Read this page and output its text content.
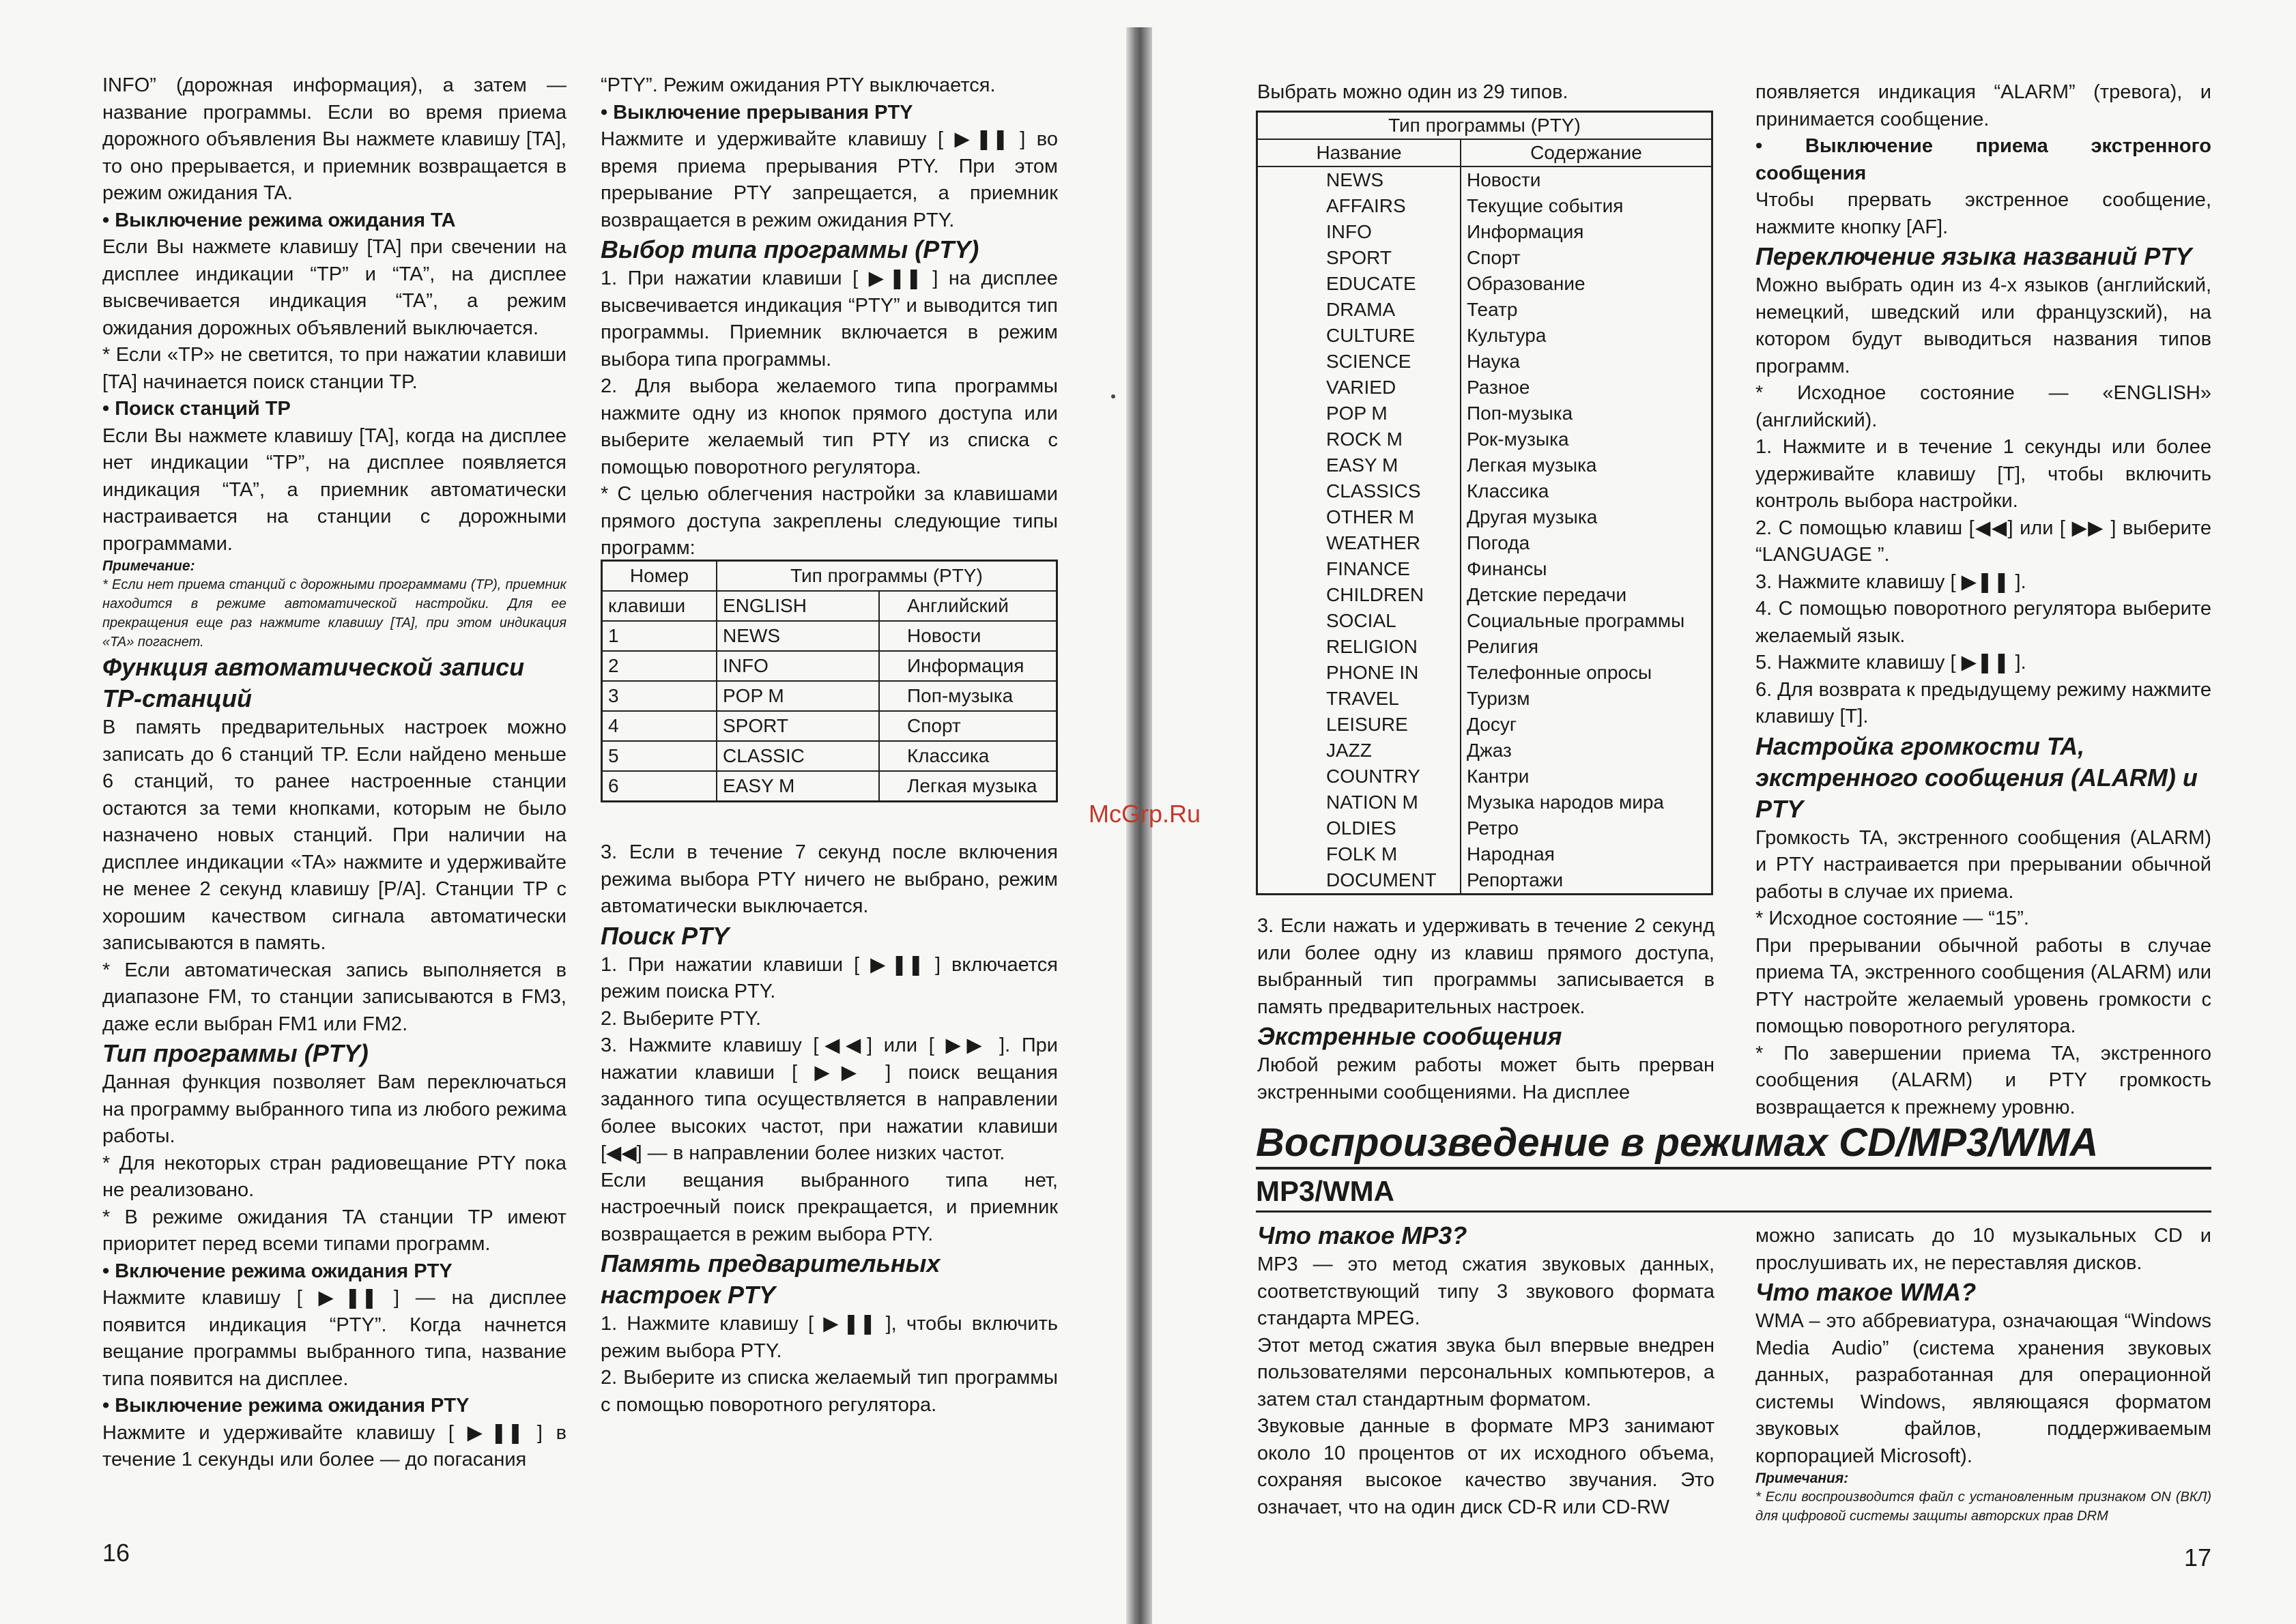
INFO” (дорожная информация), а затем — название программы. Если во время приема дорожного объявления Вы нажмете клавишу [TA], то оно прерывается, и приемник возвращается в режим ожидания TA.

• Выключение режима ожидания TA

Если Вы нажмете клавишу [TA] при свечении на дисплее индикации “TP” и “TA”, на дисплее высвечивается индикация “TA”, а режим ожидания дорожных объявлений выключается.

* Если «TP» не светится, то при нажатии клавиши [TA] начинается поиск станции TP.

• Поиск станций TP

Если Вы нажмете клавишу [TA], когда на дисплее нет индикации “TP”, на дисплее появляется индикация “TA”, а приемник автоматически настраивается на станции с дорожными программами.

Примечание:

* Если нет приема станций с дорожными программами (TP), приемник находится в режиме автоматической настройки. Для ее прекращения еще раз нажмите клавишу [TA], при этом индикация «TA» погаснет.

Функция автоматической записи TP-станций

В память предварительных настроек можно записать до 6 станций TP. Если найдено меньше 6 станций, то ранее настроенные станции остаются за теми кнопками, которым не было назначено новых станций. При наличии на дисплее индикации «TA» нажмите и удерживайте не менее 2 секунд клавишу [P/A]. Станции TP с хорошим качеством сигнала автоматически записываются в память.

* Если автоматическая запись выполняется в диапазоне FM, то станции записываются в FM3, даже если выбран FM1 или FM2.

Тип программы (PTY)

Данная функция позволяет Вам переключаться на программу выбранного типа из любого режима работы.

* Для некоторых стран радиовещание PTY пока не реализовано.

* В режиме ожидания TA станции TP имеют приоритет перед всеми типами программ.

• Включение режима ожидания PTY

Нажмите клавишу [ ▶❚❚ ] — на дисплее появится индикация “PTY”. Когда начнется вещание программы выбранного типа, название типа появится на дисплее.

• Выключение режима ожидания PTY

Нажмите и удерживайте клавишу [ ▶❚❚ ] в течение 1 секунды или более — до погасания

“PTY”. Режим ожидания PTY выключается.

• Выключение прерывания PTY

Нажмите и удерживайте клавишу [ ▶❚❚ ] во время приема прерывания PTY. При этом прерывание PTY запрещается, а приемник возвращается в режим ожидания PTY.

Выбор типа программы (PTY)

1. При нажатии клавиши [ ▶❚❚ ] на дисплее высвечивается индикация “PTY” и выводится тип программы. Приемник включается в режим выбора типа программы.

2. Для выбора желаемого типа программы нажмите одну из кнопок прямого доступа или выберите желаемый тип PTY из списка с помощью поворотного регулятора.

* С целью облегчения настройки за клавишами прямого доступа закреплены следующие типы программ:

Номер	Тип программы (PTY)	
клавиши	ENGLISH	Английский
1	NEWS	Новости
2	INFO	Информация
3	POP M	Поп-музыка
4	SPORT	Спорт
5	CLASSIC	Классика
6	EASY M	Легкая музыка

3. Если в течение 7 секунд после включения режима выбора PTY ничего не выбрано, режим автоматически выключается.

Поиск PTY

1. При нажатии клавиши [ ▶❚❚ ] включается режим поиска PTY.

2. Выберите PTY.

3. Нажмите клавишу [◀◀] или [ ▶▶ ]. При нажатии клавиши [ ▶▶ ] поиск вещания заданного типа осуществляется в направлении более высоких частот, при нажатии клавиши [◀◀] — в направлении более низких частот.

Если вещания выбранного типа нет, настроечный поиск прекращается, и приемник возвращается в режим выбора PTY.

Память предварительных настроек PTY

1. Нажмите клавишу [ ▶❚❚ ], чтобы включить режим выбора PTY.

2. Выберите из списка желаемый тип программы с помощью поворотного регулятора.

16
McGrp.Ru
Выбрать можно один из 29 типов.
Тип программы (PTY)	
Название	Содержание
NEWS	Новости
AFFAIRS	Текущие события
INFO	Информация
SPORT	Спорт
EDUCATE	Образование
DRAMA	Театр
CULTURE	Культура
SCIENCE	Наука
VARIED	Разное
POP M	Поп-музыка
ROCK M	Рок-музыка
EASY M	Легкая музыка
CLASSICS	Классика
OTHER M	Другая музыка
WEATHER	Погода
FINANCE	Финансы
CHILDREN	Детские передачи
SOCIAL	Социальные программы
RELIGION	Религия
PHONE IN	Телефонные опросы
TRAVEL	Туризм
LEISURE	Досуг
JAZZ	Джаз
COUNTRY	Кантри
NATION M	Музыка народов мира
OLDIES	Ретро
FOLK M	Народная
DOCUMENT	Репортажи

3. Если нажать и удерживать в течение 2 секунд или более одну из клавиш прямого доступа, выбранный тип программы записывается в память предварительных настроек.

Экстренные сообщения

Любой режим работы может быть прерван экстренными сообщениями. На дисплее

появляется индикация “ALARM” (тревога), и принимается сообщение.

• Выключение приема экстренного сообщения

Чтобы прервать экстренное сообщение, нажмите кнопку [AF].

Переключение языка названий PTY

Можно выбрать один из 4-х языков (английский, немецкий, шведский или французский), на котором будут выводиться названия типов программ.

* Исходное состояние — «ENGLISH» (английский).

1. Нажмите и в течение 1 секунды или более удерживайте клавишу [T], чтобы включить контроль выбора настройки.

2. С помощью клавиш [◀◀] или [ ▶▶ ] выберите “LANGUAGE ”.

3. Нажмите клавишу [ ▶❚❚ ].

4. С помощью поворотного регулятора выберите желаемый язык.

5. Нажмите клавишу [ ▶❚❚ ].

6. Для возврата к предыдущему режиму нажмите клавишу [T].

Настройка громкости TA, экстренного сообщения (ALARM) и PTY

Громкость TA, экстренного сообщения (ALARM) и PTY настраивается при прерывании обычной работы в случае их приема.

* Исходное состояние — “15”.

При прерывании обычной работы в случае приема TA, экстренного сообщения (ALARM) или PTY настройте желаемый уровень громкости с помощью поворотного регулятора.

* По завершении приема TA, экстренного сообщения (ALARM) и PTY громкость возвращается к прежнему уровню.

Воспроизведение в режимах CD/MP3/WMA
MP3/WMA

Что такое MP3?

MP3 — это метод сжатия звуковых данных, соответствующий типу 3 звукового формата стандарта MPEG.

Этот метод сжатия звука был впервые внедрен пользователями персональных компьютеров, а затем стал стандартным форматом.

Звуковые данные в формате MP3 занимают около 10 процентов от их исходного объема, сохраняя высокое качество звучания. Это означает, что на один диск CD-R или CD-RW

можно записать до 10 музыкальных CD и прослушивать их, не переставляя дисков.

Что такое WMA?

WMA – это аббревиатура, означающая “Windows Media Audio” (система хранения звуковых данных, разработанная для операционной системы Windows, являющаяся форматом звуковых файлов, поддерживаемым корпорацией Microsoft).

Примечания:

* Если воспроизводится файл с установленным признаком ON (ВКЛ) для цифровой системы защиты авторских прав DRM

17
